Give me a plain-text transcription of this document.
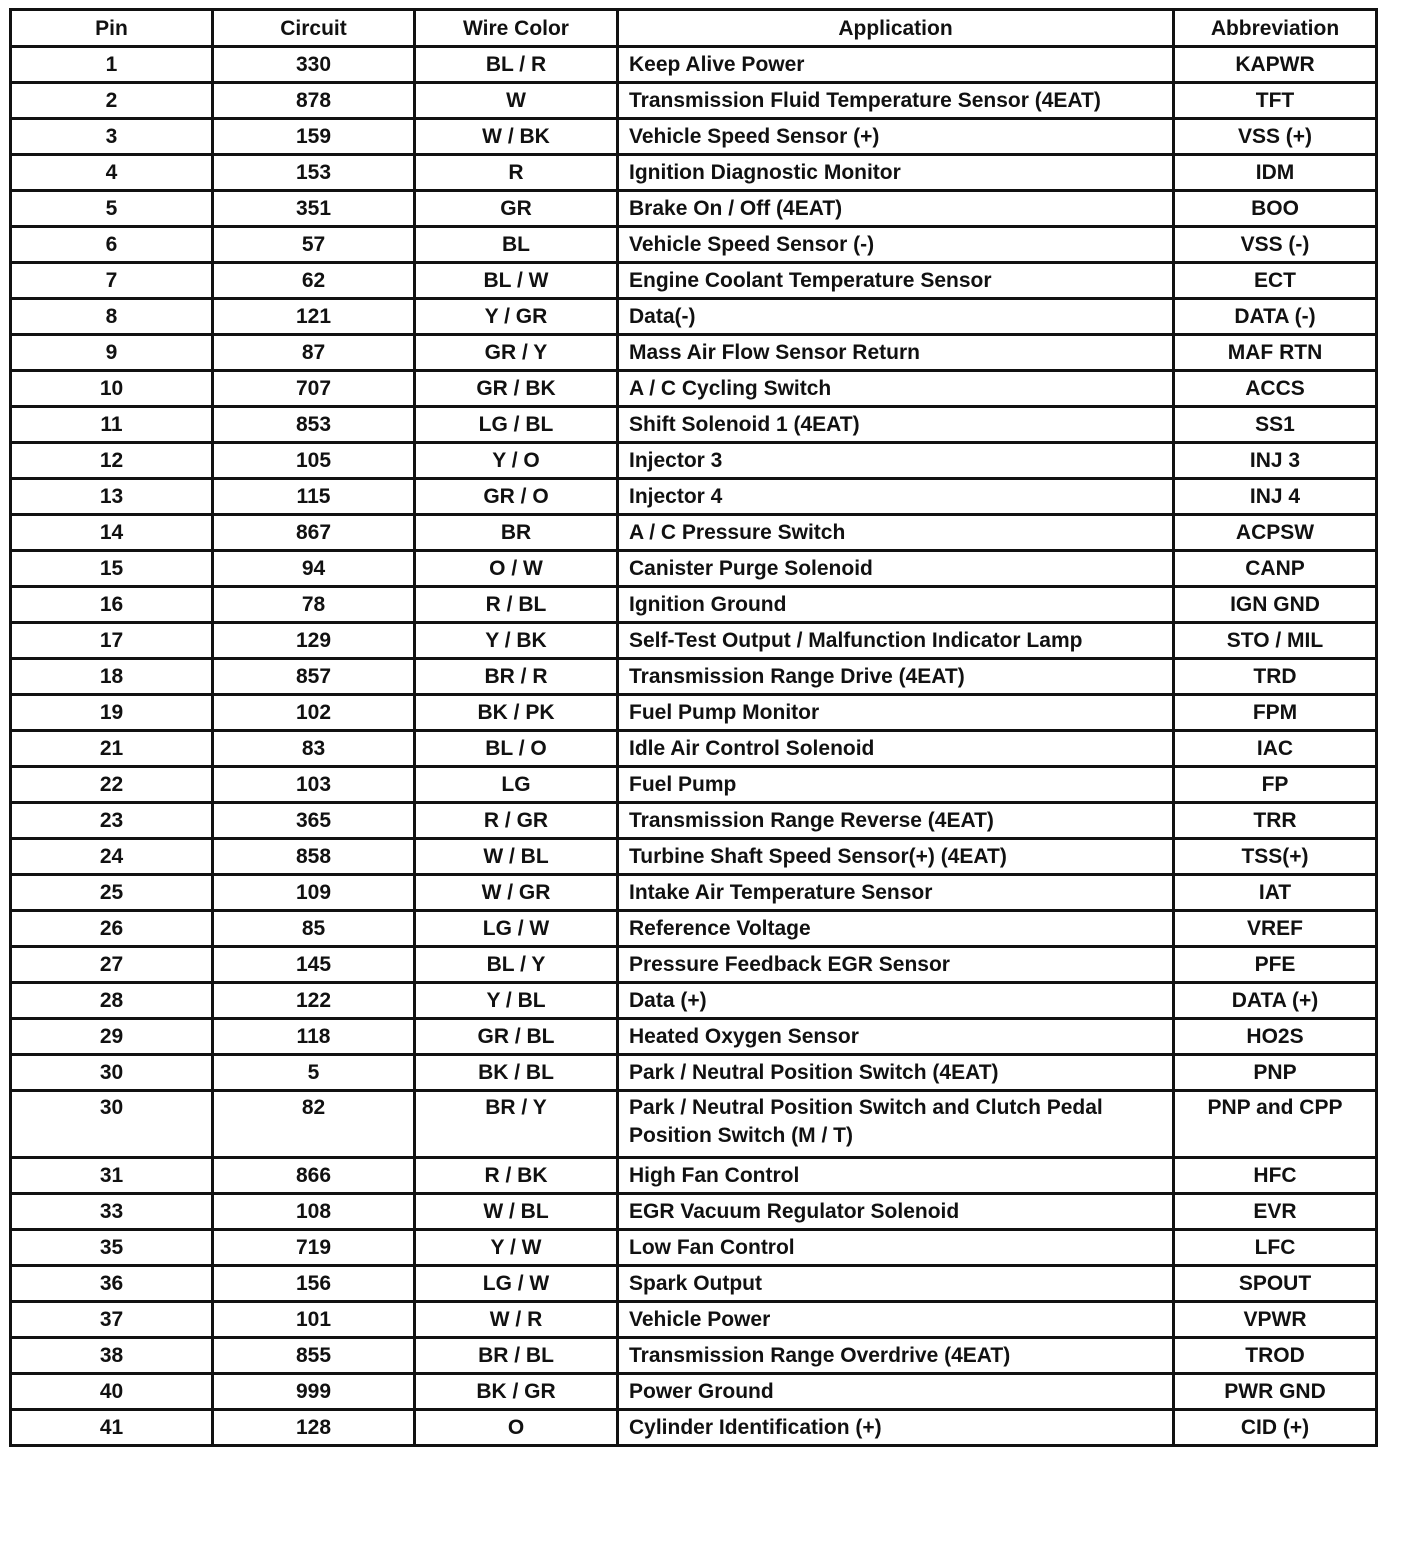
Pin	Circuit	Wire Color	Application	Abbreviation
1	330	BL / R	Keep Alive Power	KAPWR
2	878	W	Transmission Fluid Temperature Sensor (4EAT)	TFT
3	159	W / BK	Vehicle Speed Sensor (+)	VSS (+)
4	153	R	Ignition Diagnostic Monitor	IDM
5	351	GR	Brake On / Off (4EAT)	BOO
6	57	BL	Vehicle Speed Sensor (-)	VSS (-)
7	62	BL / W	Engine Coolant Temperature Sensor	ECT
8	121	Y / GR	Data(-)	DATA (-)
9	87	GR / Y	Mass Air Flow Sensor Return	MAF RTN
10	707	GR / BK	A / C Cycling Switch	ACCS
11	853	LG / BL	Shift Solenoid 1 (4EAT)	SS1
12	105	Y / O	Injector 3	INJ 3
13	115	GR / O	Injector 4	INJ 4
14	867	BR	A / C Pressure Switch	ACPSW
15	94	O / W	Canister Purge Solenoid	CANP
16	78	R / BL	Ignition Ground	IGN GND
17	129	Y / BK	Self-Test Output / Malfunction Indicator Lamp	STO / MIL
18	857	BR / R	Transmission Range Drive (4EAT)	TRD
19	102	BK / PK	Fuel Pump Monitor	FPM
21	83	BL / O	Idle Air Control Solenoid	IAC
22	103	LG	Fuel Pump	FP
23	365	R / GR	Transmission Range Reverse (4EAT)	TRR
24	858	W / BL	Turbine Shaft Speed Sensor(+) (4EAT)	TSS(+)
25	109	W / GR	Intake Air Temperature Sensor	IAT
26	85	LG / W	Reference Voltage	VREF
27	145	BL / Y	Pressure Feedback EGR Sensor	PFE
28	122	Y / BL	Data (+)	DATA (+)
29	118	GR / BL	Heated Oxygen Sensor	HO2S
30	5	BK / BL	Park / Neutral Position Switch (4EAT)	PNP
30	82	BR / Y	Park / Neutral Position Switch and Clutch Pedal Position Switch (M / T)	PNP and CPP
31	866	R / BK	High Fan Control	HFC
33	108	W / BL	EGR Vacuum Regulator Solenoid	EVR
35	719	Y / W	Low Fan Control	LFC
36	156	LG / W	Spark Output	SPOUT
37	101	W / R	Vehicle Power	VPWR
38	855	BR / BL	Transmission Range Overdrive (4EAT)	TROD
40	999	BK / GR	Power Ground	PWR GND
41	128	O	Cylinder Identification (+)	CID (+)
